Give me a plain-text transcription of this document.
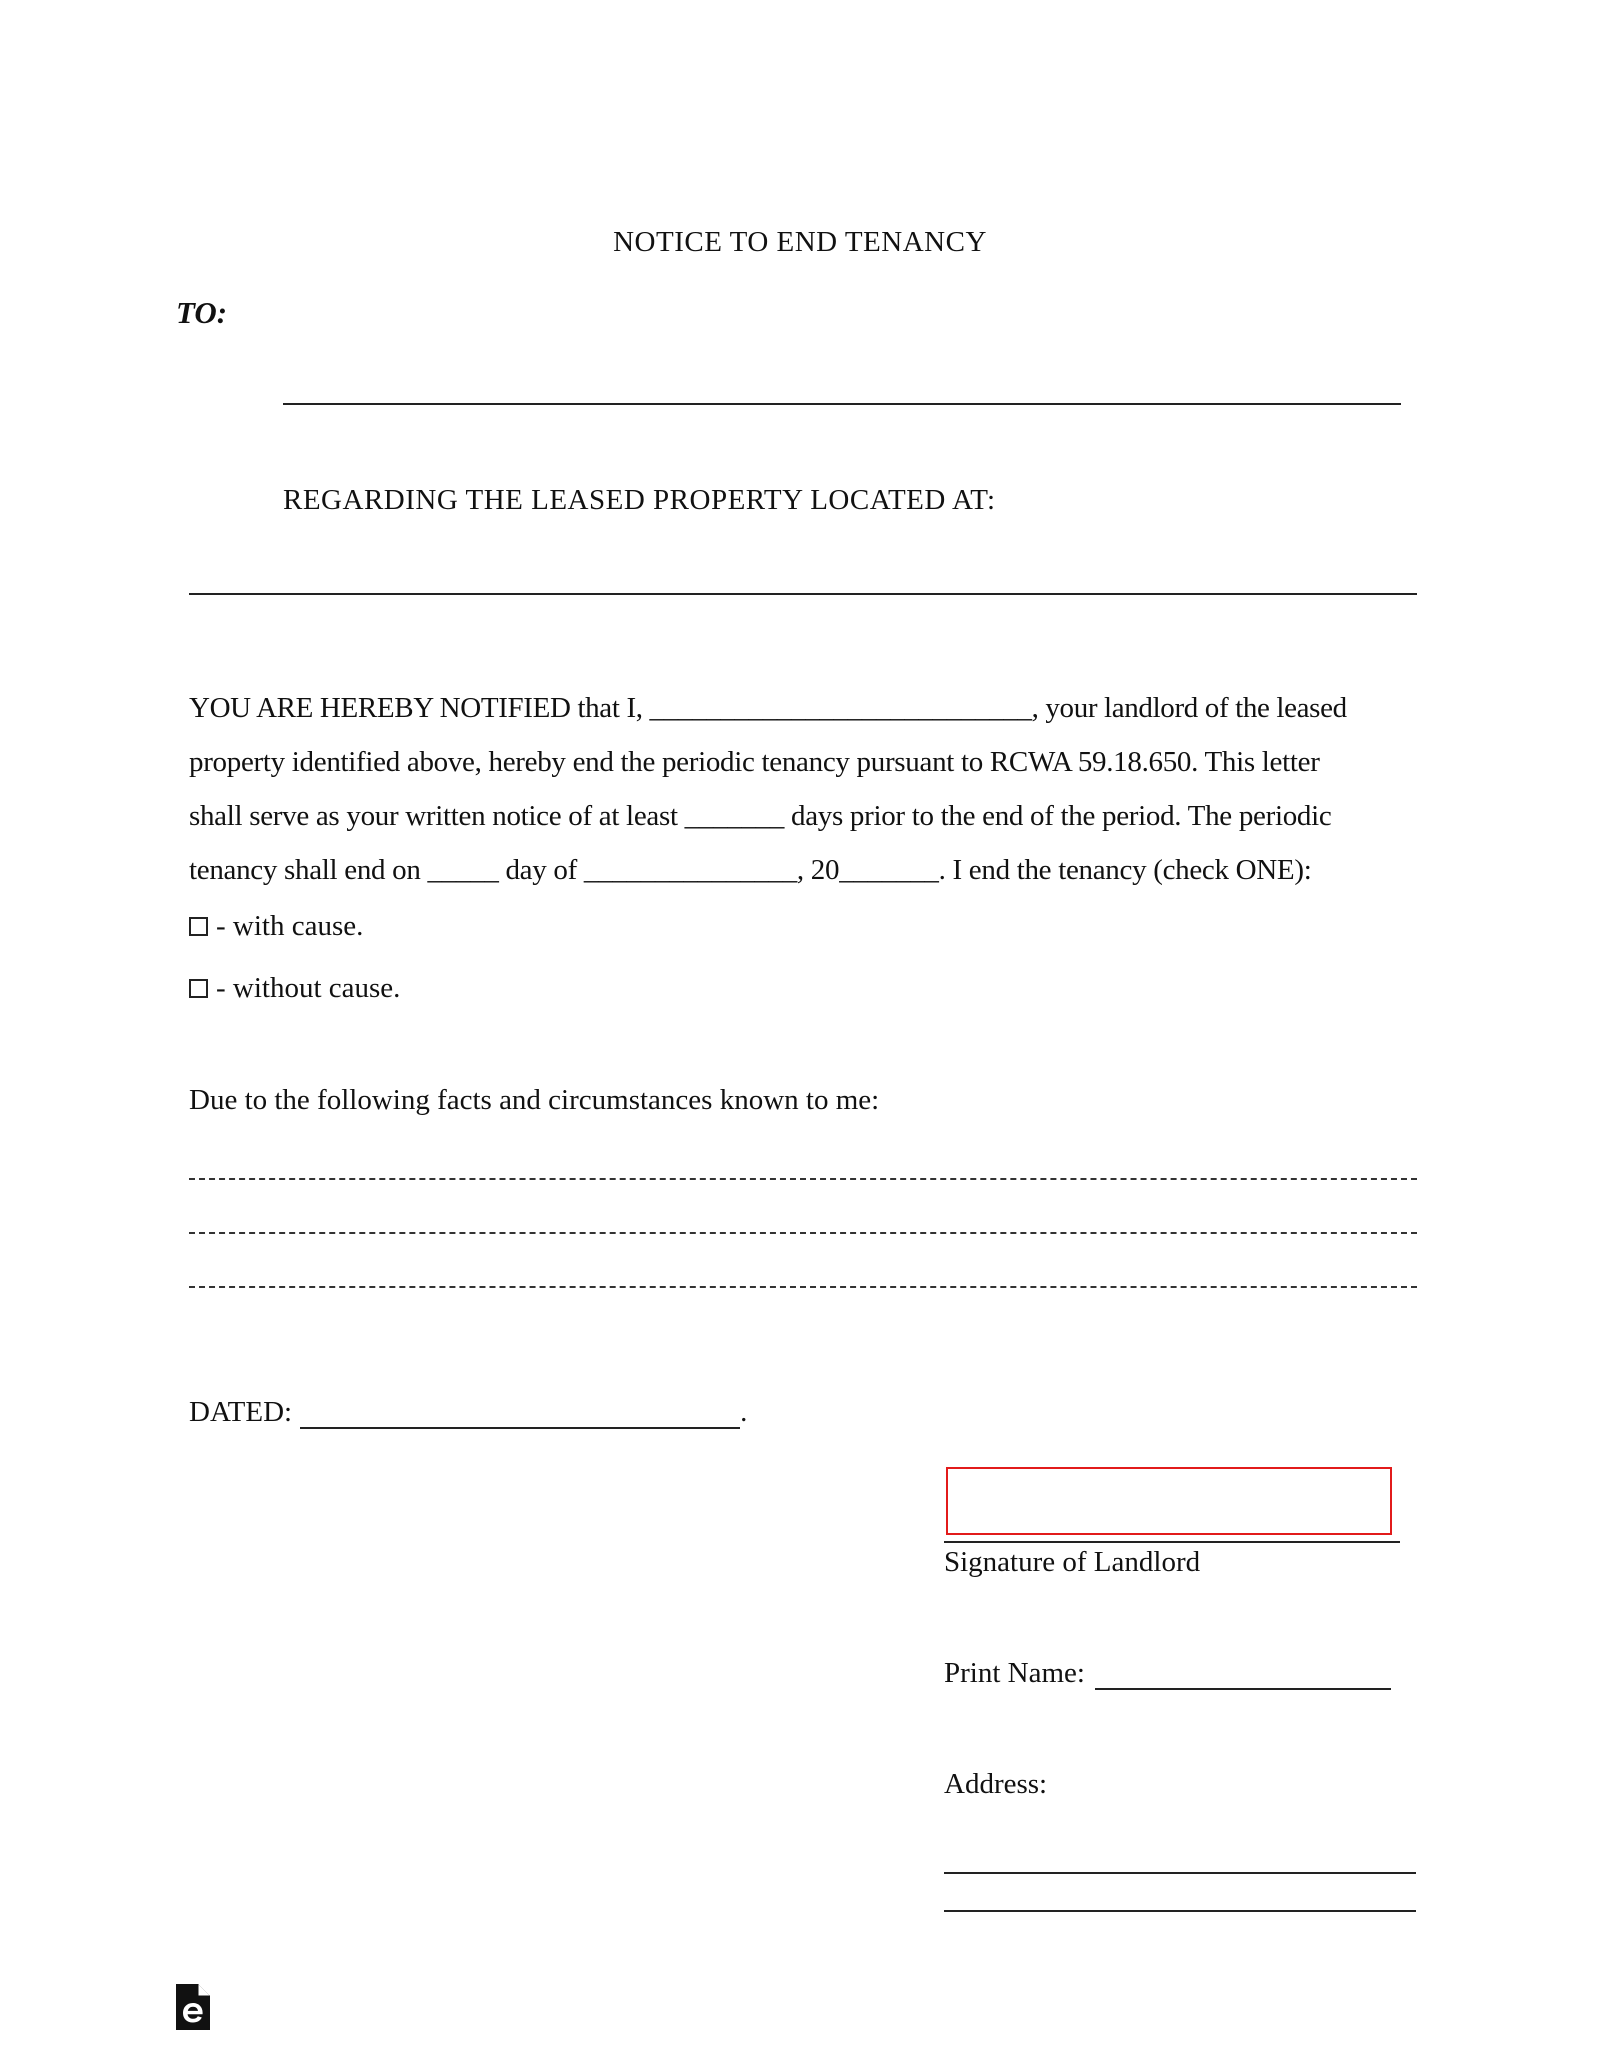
NOTICE TO END TENANCY
TO:
REGARDING THE LEASED PROPERTY LOCATED AT:
YOU ARE HEREBY NOTIFIED that I, ___________________________, your landlord of the leased
property identified above, hereby end the periodic tenancy pursuant to RCWA 59.18.650. This letter
shall serve as your written notice of at least _______ days prior to the end of the period. The periodic
tenancy shall end on _____ day of _______________, 20_______. I end the tenancy (check ONE):
- with cause.
- without cause.
Due to the following facts and circumstances known to me:
DATED:	.
Signature of Landlord
Print Name:
Address:
